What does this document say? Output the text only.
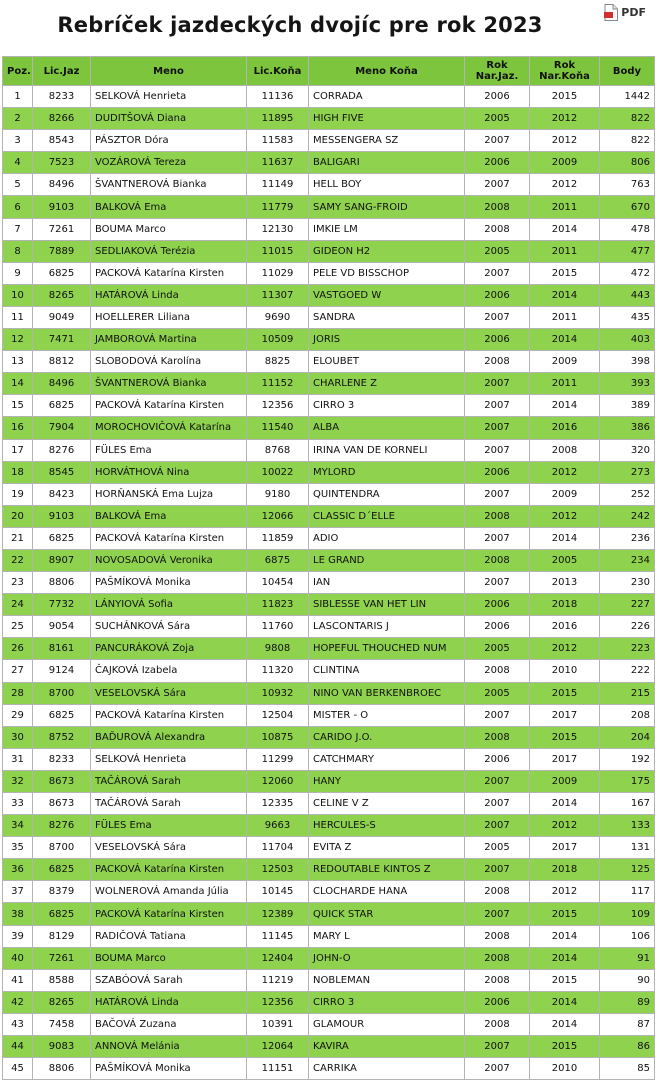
Rebríček jazdeckých dvojíc pre rok 2023
PDF
Poz.	Lic.Jaz	Meno	Lic.Koňa	Meno Koňa	Rok Nar.Jaz.	Rok Nar.Koňa	Body
1	8233	SELKOVÁ Henrieta	11136	CORRADA	2006	2015	1442
2	8266	DUDITŠOVÁ Diana	11895	HIGH FIVE	2005	2012	822
3	8543	PÁSZTOR Dóra	11583	MESSENGERA SZ	2007	2012	822
4	7523	VOZÁROVÁ Tereza	11637	BALIGARI	2006	2009	806
5	8496	ŠVANTNEROVÁ Bianka	11149	HELL BOY	2007	2012	763
6	9103	BALKOVÁ Ema	11779	SAMY SANG-FROID	2008	2011	670
7	7261	BOUMA Marco	12130	IMKIE LM	2008	2014	478
8	7889	SEDLIAKOVÁ Terézia	11015	GIDEON H2	2005	2011	477
9	6825	PACKOVÁ Katarína Kirsten	11029	PELE VD BISSCHOP	2007	2015	472
10	8265	HATÁROVÁ Linda	11307	VASTGOED W	2006	2014	443
11	9049	HOELLERER Liliana	9690	SANDRA	2007	2011	435
12	7471	JAMBOROVÁ Martina	10509	JORIS	2006	2014	403
13	8812	SLOBODOVÁ Karolína	8825	ELOUBET	2008	2009	398
14	8496	ŠVANTNEROVÁ Bianka	11152	CHARLENE Z	2007	2011	393
15	6825	PACKOVÁ Katarína Kirsten	12356	CIRRO 3	2007	2014	389
16	7904	MOROCHOVIČOVÁ Katarína	11540	ALBA	2007	2016	386
17	8276	FÜLES Ema	8768	IRINA VAN DE KORNELI	2007	2008	320
18	8545	HORVÁTHOVÁ Nina	10022	MYLORD	2006	2012	273
19	8423	HORŇANSKÁ Ema Lujza	9180	QUINTENDRA	2007	2009	252
20	9103	BALKOVÁ Ema	12066	CLASSIC D´ELLE	2008	2012	242
21	6825	PACKOVÁ Katarína Kirsten	11859	ADIO	2007	2014	236
22	8907	NOVOSADOVÁ Veronika	6875	LE GRAND	2008	2005	234
23	8806	PAŠMÍKOVÁ Monika	10454	IAN	2007	2013	230
24	7732	LÁNYIOVÁ Sofia	11823	SIBLESSE VAN HET LIN	2006	2018	227
25	9054	SUCHÁNKOVÁ Sára	11760	LASCONTARIS J	2006	2016	226
26	8161	PANCURÁKOVÁ Zoja	9808	HOPEFUL THOUCHED NUM	2005	2012	223
27	9124	ČAJKOVÁ Izabela	11320	CLINTINA	2008	2010	222
28	8700	VESELOVSKÁ Sára	10932	NINO VAN BERKENBROEC	2005	2015	215
29	6825	PACKOVÁ Katarína Kirsten	12504	MISTER - O	2007	2017	208
30	8752	BAĎUROVÁ Alexandra	10875	CARIDO J.O.	2008	2015	204
31	8233	SELKOVÁ Henrieta	11299	CATCHMARY	2006	2017	192
32	8673	TAČÁROVÁ Sarah	12060	HANY	2007	2009	175
33	8673	TAČÁROVÁ Sarah	12335	CELINE V Z	2007	2014	167
34	8276	FÜLES Ema	9663	HERCULES-S	2007	2012	133
35	8700	VESELOVSKÁ Sára	11704	EVITA Z	2005	2017	131
36	6825	PACKOVÁ Katarína Kirsten	12503	REDOUTABLE KINTOS Z	2007	2018	125
37	8379	WOLNEROVÁ Amanda Júlia	10145	CLOCHARDE HANA	2008	2012	117
38	6825	PACKOVÁ Katarína Kirsten	12389	QUICK STAR	2007	2015	109
39	8129	RADIČOVÁ Tatiana	11145	MARY L	2008	2014	106
40	7261	BOUMA Marco	12404	JOHN-O	2008	2014	91
41	8588	SZABÓOVÁ Sarah	11219	NOBLEMAN	2008	2015	90
42	8265	HATÁROVÁ Linda	12356	CIRRO 3	2006	2014	89
43	7458	BAČOVÁ Zuzana	10391	GLAMOUR	2008	2014	87
44	9083	ANNOVÁ Melánia	12064	KAVIRA	2007	2015	86
45	8806	PAŠMÍKOVÁ Monika	11151	CARRIKA	2007	2010	85
